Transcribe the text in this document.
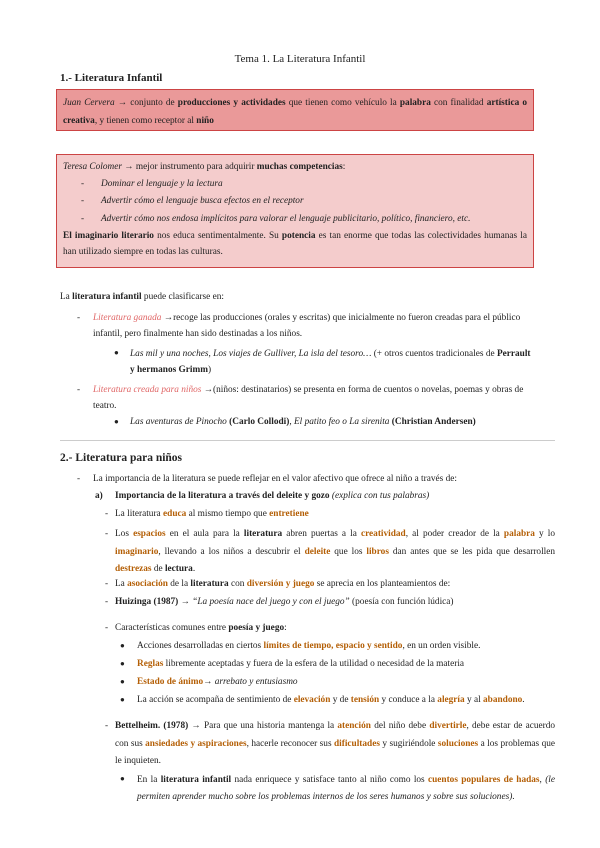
Tema 1. La Literatura Infantil
1.- Literatura Infantil
Juan Cervera → conjunto de producciones y actividades que tienen como vehículo la palabra con finalidad artística o creativa, y tienen como receptor al niño
Teresa Colomer → mejor instrumento para adquirir muchas competencias:
- Dominar el lenguaje y la lectura
- Advertir cómo el lenguaje busca efectos en el receptor
- Advertir cómo nos endosa implícitos para valorar el lenguaje publicitario, político, financiero, etc.
El imaginario literario nos educa sentimentalmente. Su potencia es tan enorme que todas las colectividades humanas la han utilizado siempre en todas las culturas.
La literatura infantil puede clasificarse en:
- Literatura ganada →recoge las producciones (orales y escritas) que inicialmente no fueron creadas para el público infantil, pero finalmente han sido destinadas a los niños.
●
Las mil y una noches, Los viajes de Gulliver, La isla del tesoro… (+ otros cuentos tradicionales de Perrault y hermanos Grimm)
- Literatura creada para niños →(niños: destinatarios) se presenta en forma de cuentos o novelas, poemas y obras de teatro.
●
Las aventuras de Pinocho (Carlo Collodi), El patito feo o La sirenita (Christian Andersen)
2.- Literatura para niños
- La importancia de la literatura se puede reflejar en el valor afectivo que ofrece al niño a través de:
a) Importancia de la literatura a través del deleite y gozo (explica con tus palabras)
- La literatura educa al mismo tiempo que entretiene
- Los espacios en el aula para la literatura abren puertas a la creatividad, al poder creador de la palabra y lo imaginario, llevando a los niños a descubrir el deleite que los libros dan antes que se les pida que desarrollen destrezas de lectura.
- La asociación de la literatura con diversión y juego se aprecia en los planteamientos de:
- Huizinga (1987) → “La poesía nace del juego y con el juego” (poesía con función lúdica)
- Características comunes entre poesía y juego:
●
Acciones desarrolladas en ciertos límites de tiempo, espacio y sentido, en un orden visible.
●
Reglas libremente aceptadas y fuera de la esfera de la utilidad o necesidad de la materia
●
Estado de ánimo→ arrebato y entusiasmo
●
La acción se acompaña de sentimiento de elevación y de tensión y conduce a la alegría y al abandono.
- Bettelheim. (1978) → Para que una historia mantenga la atención del niño debe divertirle, debe estar de acuerdo con sus ansiedades y aspiraciones, hacerle reconocer sus dificultades y sugiriéndole soluciones a los problemas que le inquieten.
●
En la literatura infantil nada enriquece y satisface tanto al niño como los cuentos populares de hadas, (le permiten aprender mucho sobre los problemas internos de los seres humanos y sobre sus soluciones).
